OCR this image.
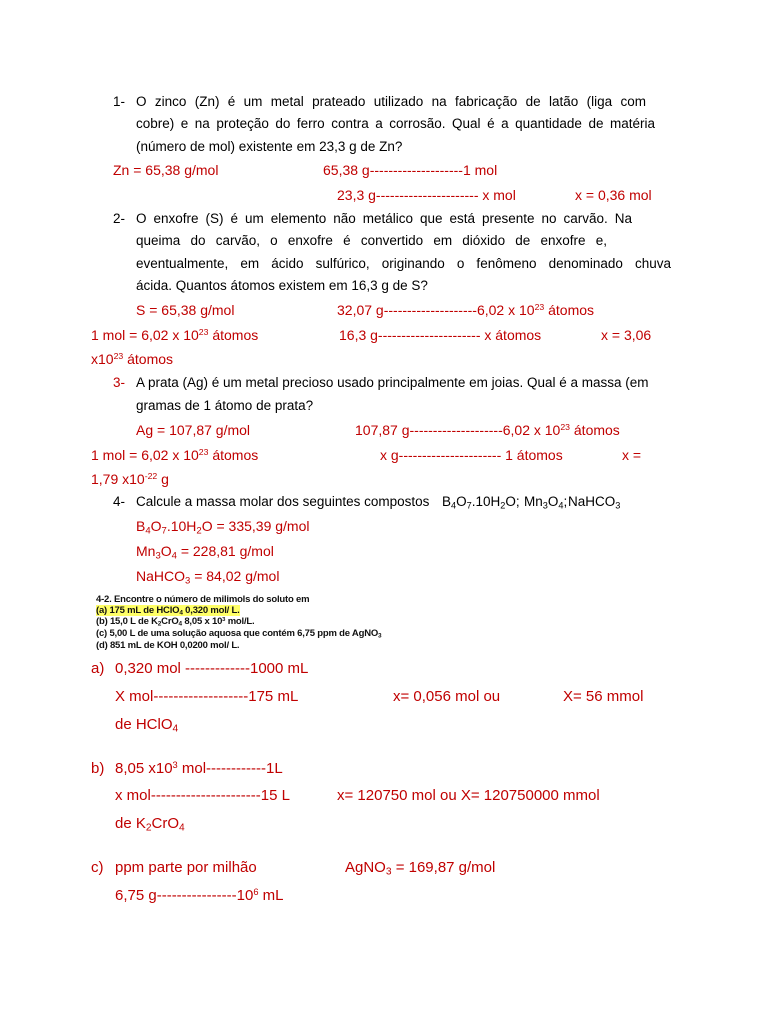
1- O zinco (Zn) é um metal prateado utilizado na fabricação de latão (liga com
cobre) e na proteção do ferro contra a corrosão. Qual é a quantidade de matéria
(número de mol) existente em 23,3 g de Zn?
Zn = 65,38 g/mol	65,38 g--------------------1 mol
23,3 g---------------------- x mol	x = 0,36 mol
2- O enxofre (S) é um elemento não metálico que está presente no carvão. Na
queima do carvão, o enxofre é convertido em dióxido de enxofre e,
eventualmente, em ácido sulfúrico, originando o fenômeno denominado chuva
ácida. Quantos átomos existem em 16,3 g de S?
S = 65,38 g/mol	32,07 g--------------------6,02 x $10^{23}$ átomos
1 mol = 6,02 x $10^{23}$ átomos	16,3 g---------------------- x átomos	x = 3,06
$x10^{23}$ átomos
3- A prata (Ag) é um metal precioso usado principalmente em joias. Qual é a massa (em
gramas de 1 átomo de prata?
Ag = 107,87 g/mol	107,87 g--------------------6,02 x $10^{23}$ átomos
1 mol = 6,02 x $10^{23}$ átomos	x g---------------------- 1 átomos	x =
1,79 $x10^{-22}$ g
4- Calcule a massa molar dos seguintes compostos $B_4O_7.10H_2O$; $Mn_3O_4$; NaHCO$_3$
$B_4O_7.10H_2O = 335,39$ g/mol
$Mn_3O_4 = 228,81$ g/mol
NaHCO$_3$ = 84,02 g/mol
4-2. Encontre o número de milimols do soluto em
(a) 175 mL de HClO$_4$ 0,320 mol/ L.
(b) 15,0 L de $K_2CrO_4$ 8,05 x $10^3$ mol/L.
(c) 5,00 L de uma solução aquosa que contém 6,75 ppm de AgNO$_3$
(d) 851 mL de KOH 0,0200 mol/ L.
a) 0,320 mol -------------1000 mL
X mol-------------------175 mL	x= 0,056 mol ou	X= 56 mmol
de HClO$_4$
b) 8,05 $x10^3$ mol------------1L
x mol----------------------15 L	x= 120750 mol ou X= 120750000 mmol
de $K_2CrO_4$
c) ppm parte por milhão	AgNO$_3$ = 169,87 g/mol
6,75 $g----------------10^6$ mL
